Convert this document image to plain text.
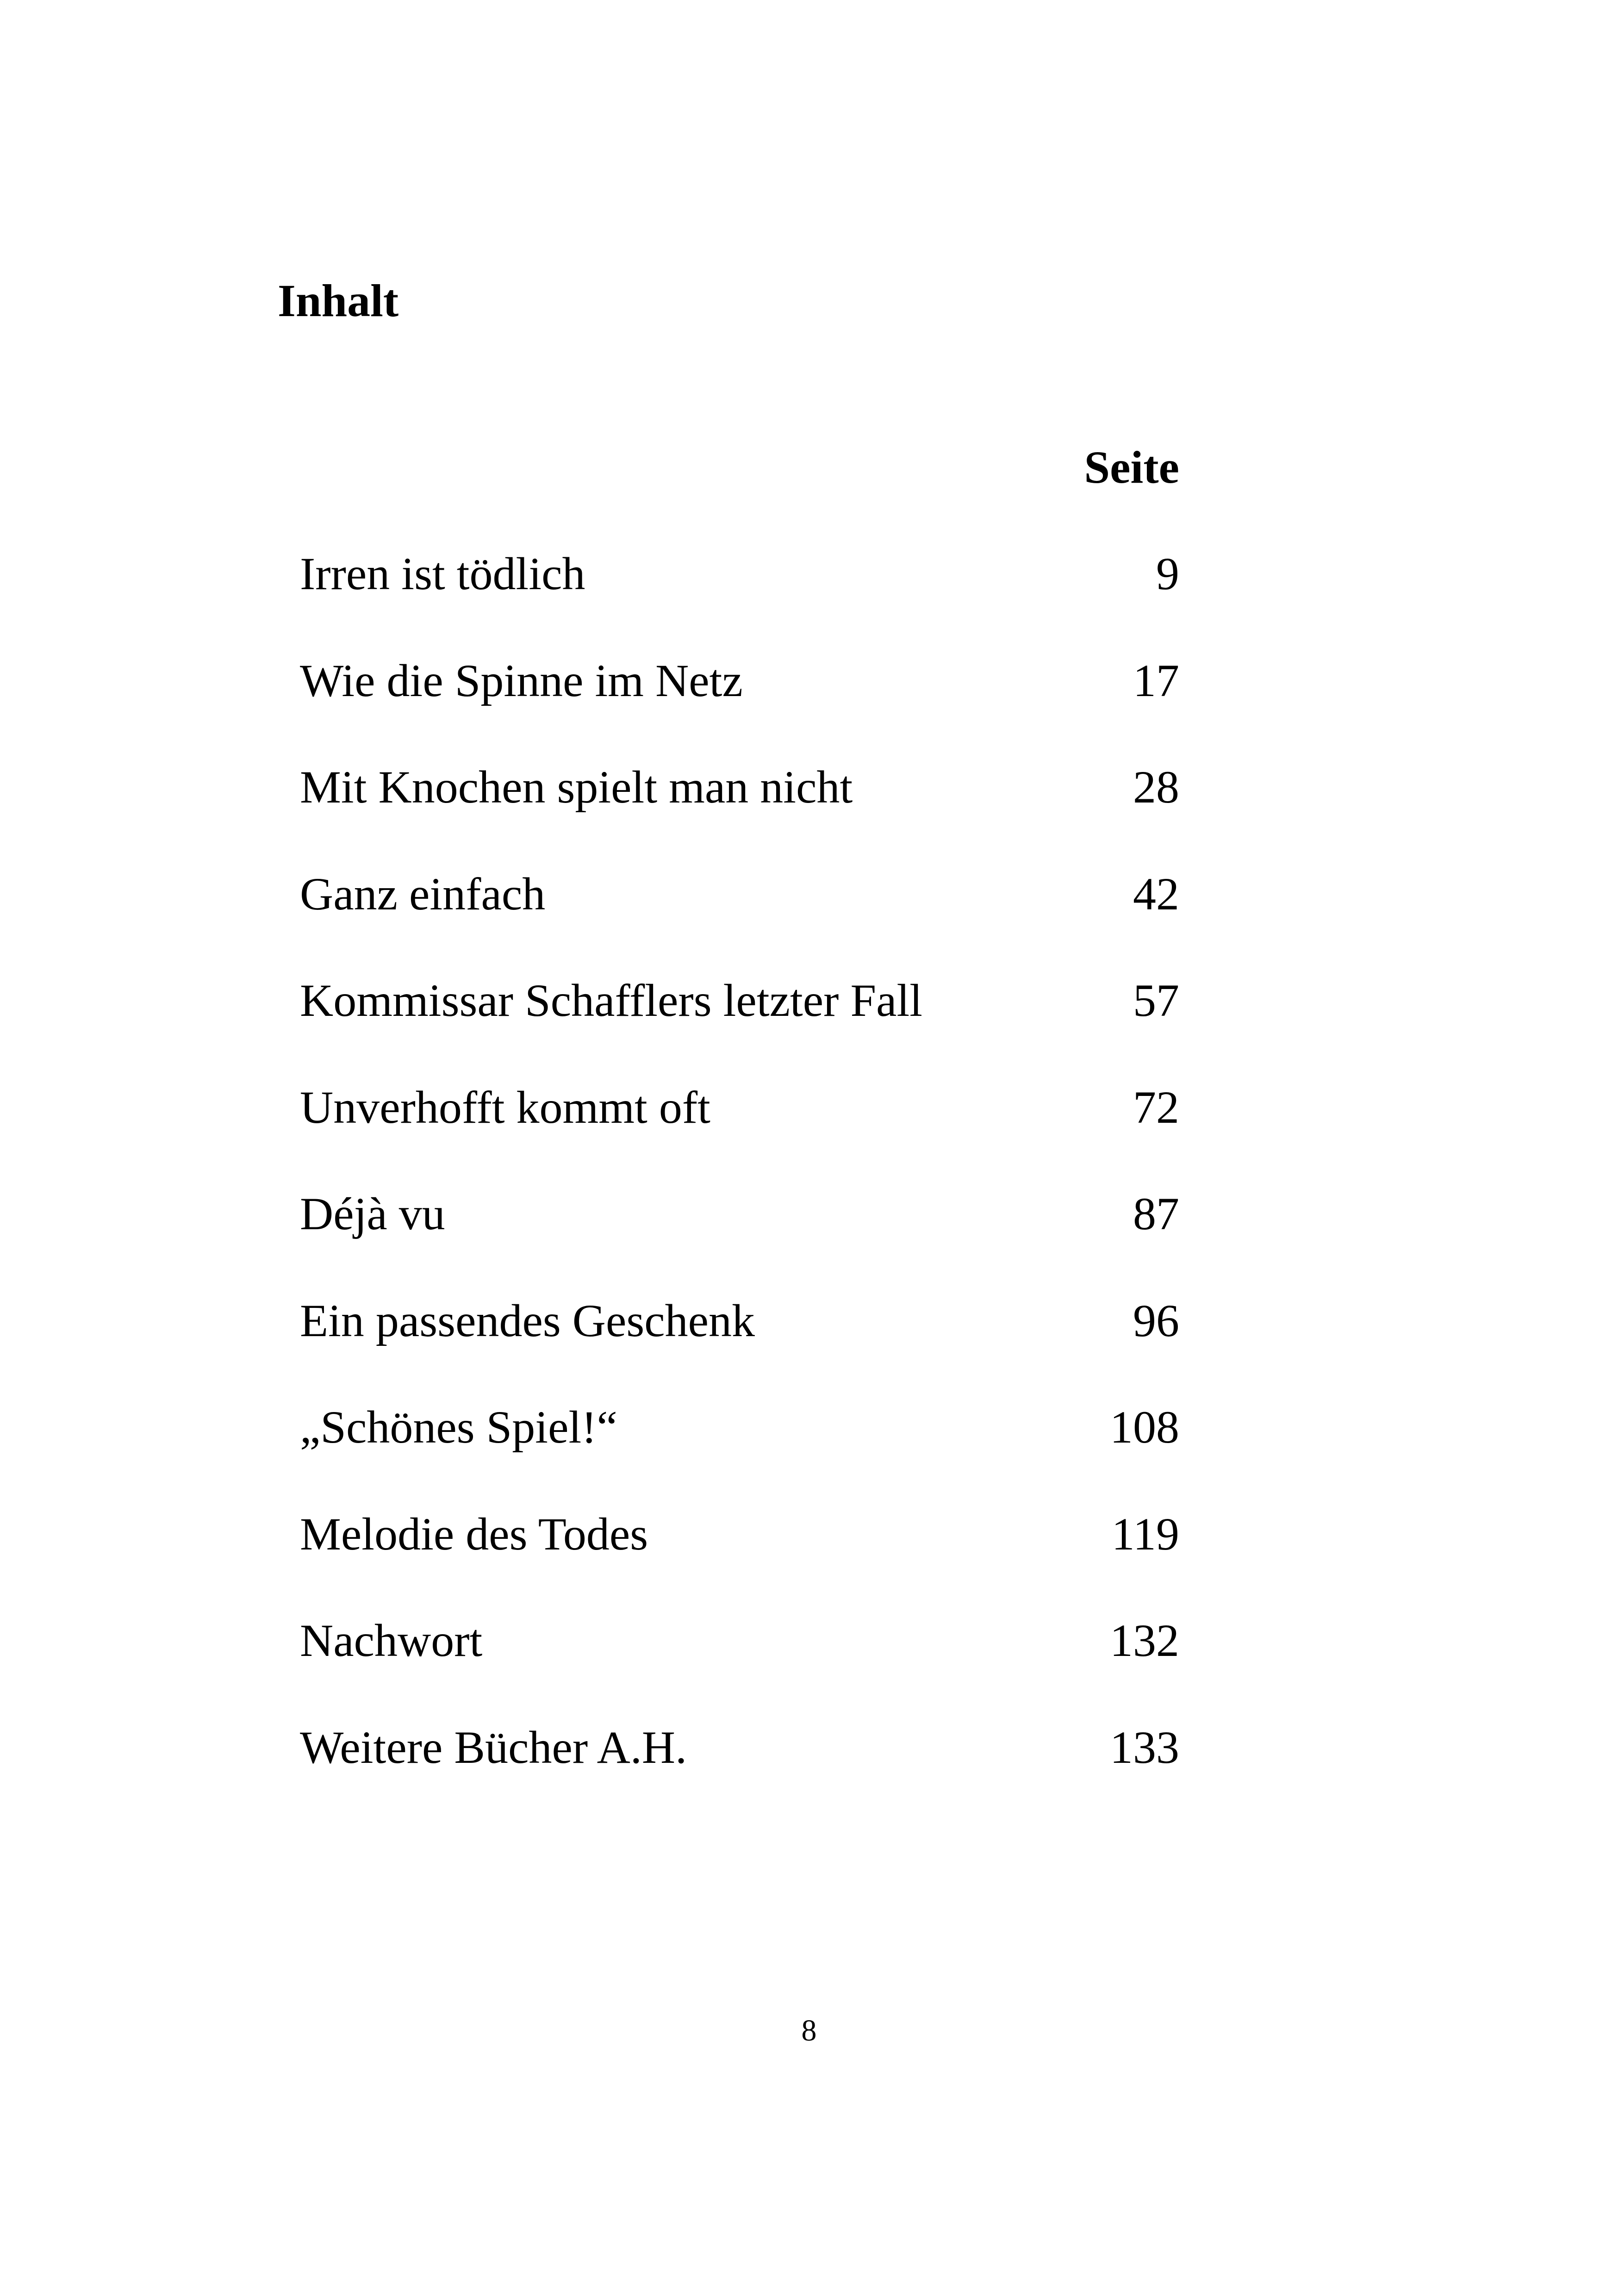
Inhalt
Seite
Irren ist tödlich	9
Wie die Spinne im Netz	17
Mit Knochen spielt man nicht	28
Ganz einfach	42
Kommissar Schafflers letzter Fall	57
Unverhofft kommt oft	72
Déjà vu	87
Ein passendes Geschenk	96
„Schönes Spiel!“	108
Melodie des Todes	119
Nachwort	132
Weitere Bücher A.H.	133
8
